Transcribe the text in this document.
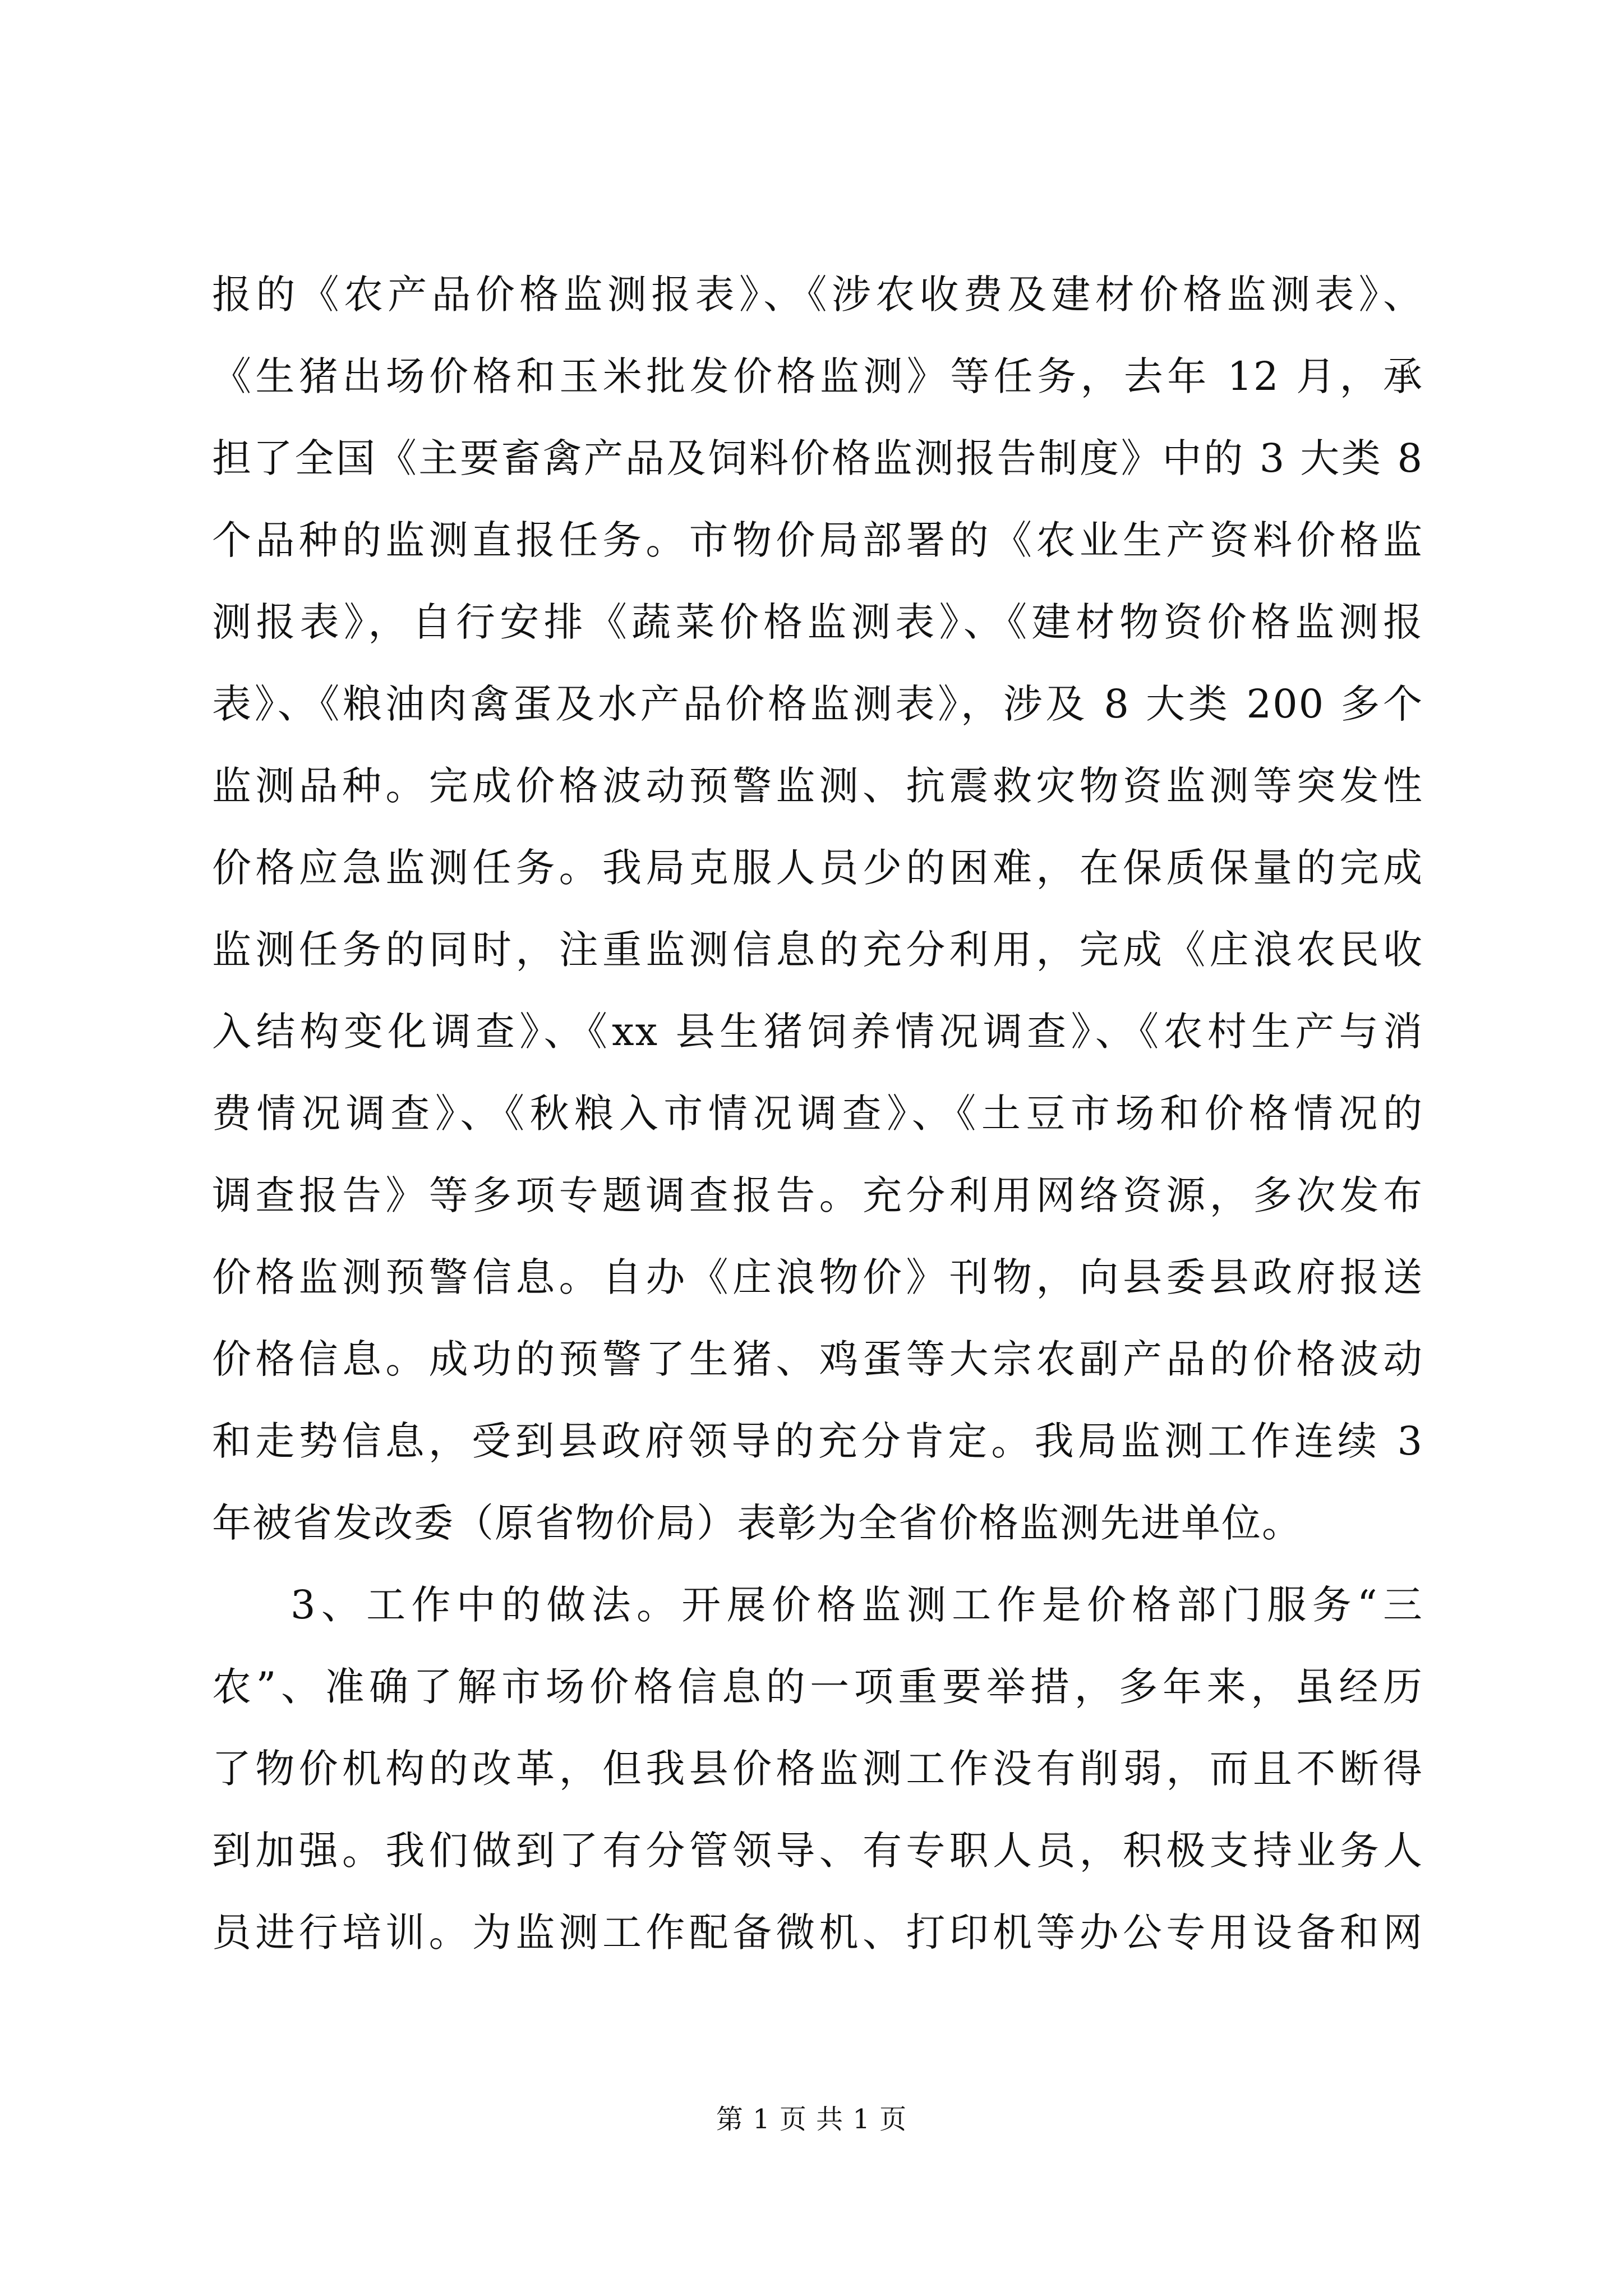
报的《农产品价格监测报表》、《涉农收费及建材价格监测表》、
《生猪出场价格和玉米批发价格监测》等任务，去年 12 月，承
担了全国《主要畜禽产品及饲料价格监测报告制度》中的 3 大类 8
个品种的监测直报任务。市物价局部署的《农业生产资料价格监
测报表》，自行安排《蔬菜价格监测表》、《建材物资价格监测报
表》、《粮油肉禽蛋及水产品价格监测表》，涉及 8 大类 200 多个
监测品种。完成价格波动预警监测、抗震救灾物资监测等突发性
价格应急监测任务。我局克服人员少的困难，在保质保量的完成
监测任务的同时，注重监测信息的充分利用，完成《庄浪农民收
入结构变化调查》、《xx 县生猪饲养情况调查》、《农村生产与消
费情况调查》、《秋粮入市情况调查》、《土豆市场和价格情况的
调查报告》等多项专题调查报告。充分利用网络资源，多次发布
价格监测预警信息。自办《庄浪物价》刊物，向县委县政府报送
价格信息。成功的预警了生猪、鸡蛋等大宗农副产品的价格波动
和走势信息，受到县政府领导的充分肯定。我局监测工作连续 3
年被省发改委（原省物价局）表彰为全省价格监测先进单位。
3、工作中的做法。开展价格监测工作是价格部门服务“三
农”、准确了解市场价格信息的一项重要举措，多年来，虽经历
了物价机构的改革，但我县价格监测工作没有削弱，而且不断得
到加强。我们做到了有分管领导、有专职人员，积极支持业务人
员进行培训。为监测工作配备微机、打印机等办公专用设备和网
第 1 页 共 1 页
